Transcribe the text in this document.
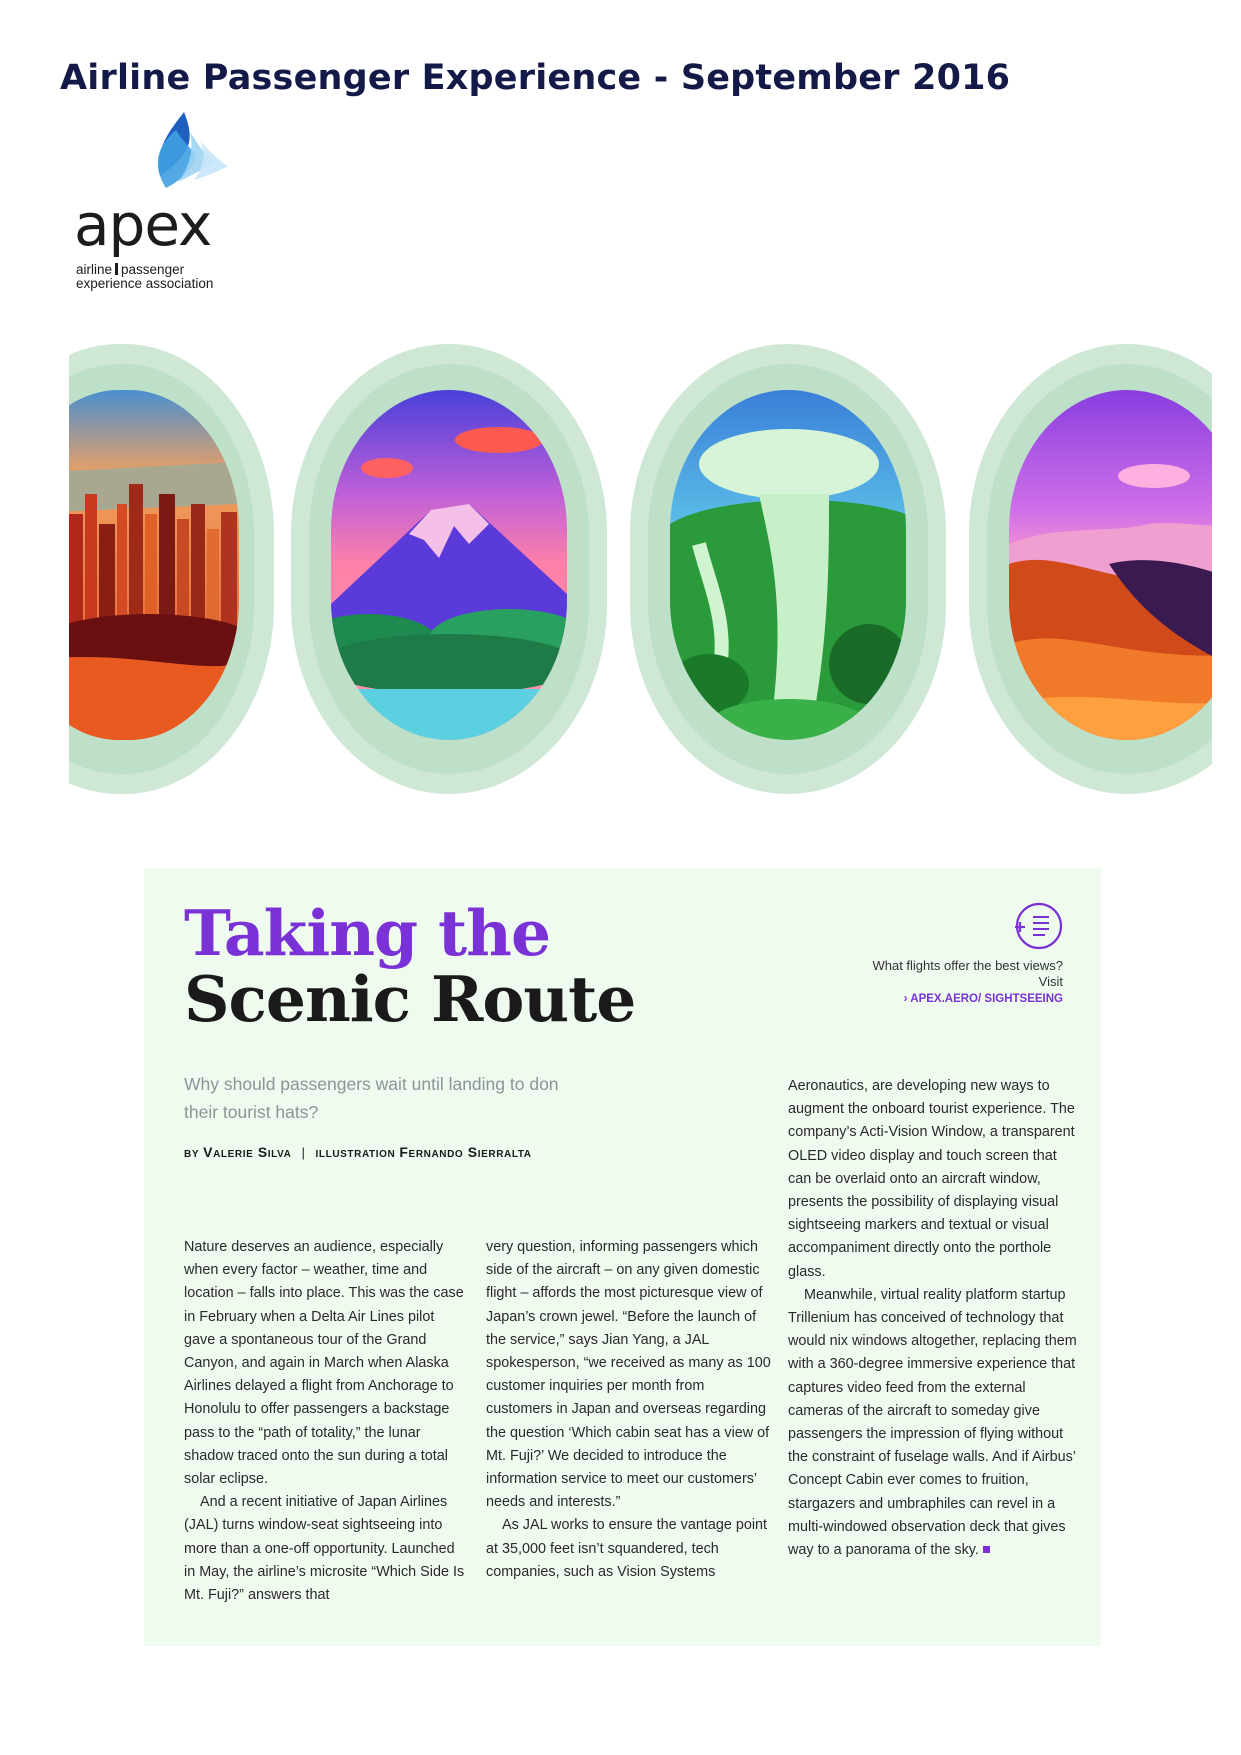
Airline Passenger Experience - September 2016
apex
airline passenger
experience association
Taking the
Scenic Route	What flights offer the best views? Visit
› APEX.AERO/ SIGHTSEEING
Why should passengers wait until landing to don their tourist hats?
by Valerie Silva | illustration Fernando Sierralta

Nature deserves an audience, especially when every factor – weather, time and location – falls into place. This was the case in February when a Delta Air Lines pilot gave a spontaneous tour of the Grand Canyon, and again in March when Alaska Airlines delayed a flight from Anchorage to Honolulu to offer passengers a backstage pass to the “path of totality,” the lunar shadow traced onto the sun during a total solar eclipse.

And a recent initiative of Japan Airlines (JAL) turns window-seat sightseeing into more than a one-off opportunity. Launched in May, the airline’s microsite “Which Side Is Mt. Fuji?” answers that

very question, informing passengers which side of the aircraft – on any given domestic flight – affords the most picturesque view of Japan’s crown jewel. “Before the launch of the service,” says Jian Yang, a JAL spokesperson, “we received as many as 100 customer inquiries per month from customers in Japan and overseas regarding the question ‘Which cabin seat has a view of Mt. Fuji?’ We decided to introduce the information service to meet our customers’ needs and interests.”

As JAL works to ensure the vantage point at 35,000 feet isn’t squandered, tech companies, such as Vision Systems

Aeronautics, are developing new ways to augment the onboard tourist experience. The company’s Acti-Vision Window, a transparent OLED video display and touch screen that can be overlaid onto an aircraft window, presents the possibility of displaying visual sightseeing markers and textual or visual accompaniment directly onto the porthole glass.

Meanwhile, virtual reality platform startup Trillenium has conceived of technology that would nix windows altogether, replacing them with a 360-degree immersive experience that captures video feed from the external cameras of the aircraft to someday give passengers the impression of flying without the constraint of fuselage walls. And if Airbus’ Concept Cabin ever comes to fruition, stargazers and umbraphiles can revel in a multi-windowed observation deck that gives way to a panorama of the sky.
